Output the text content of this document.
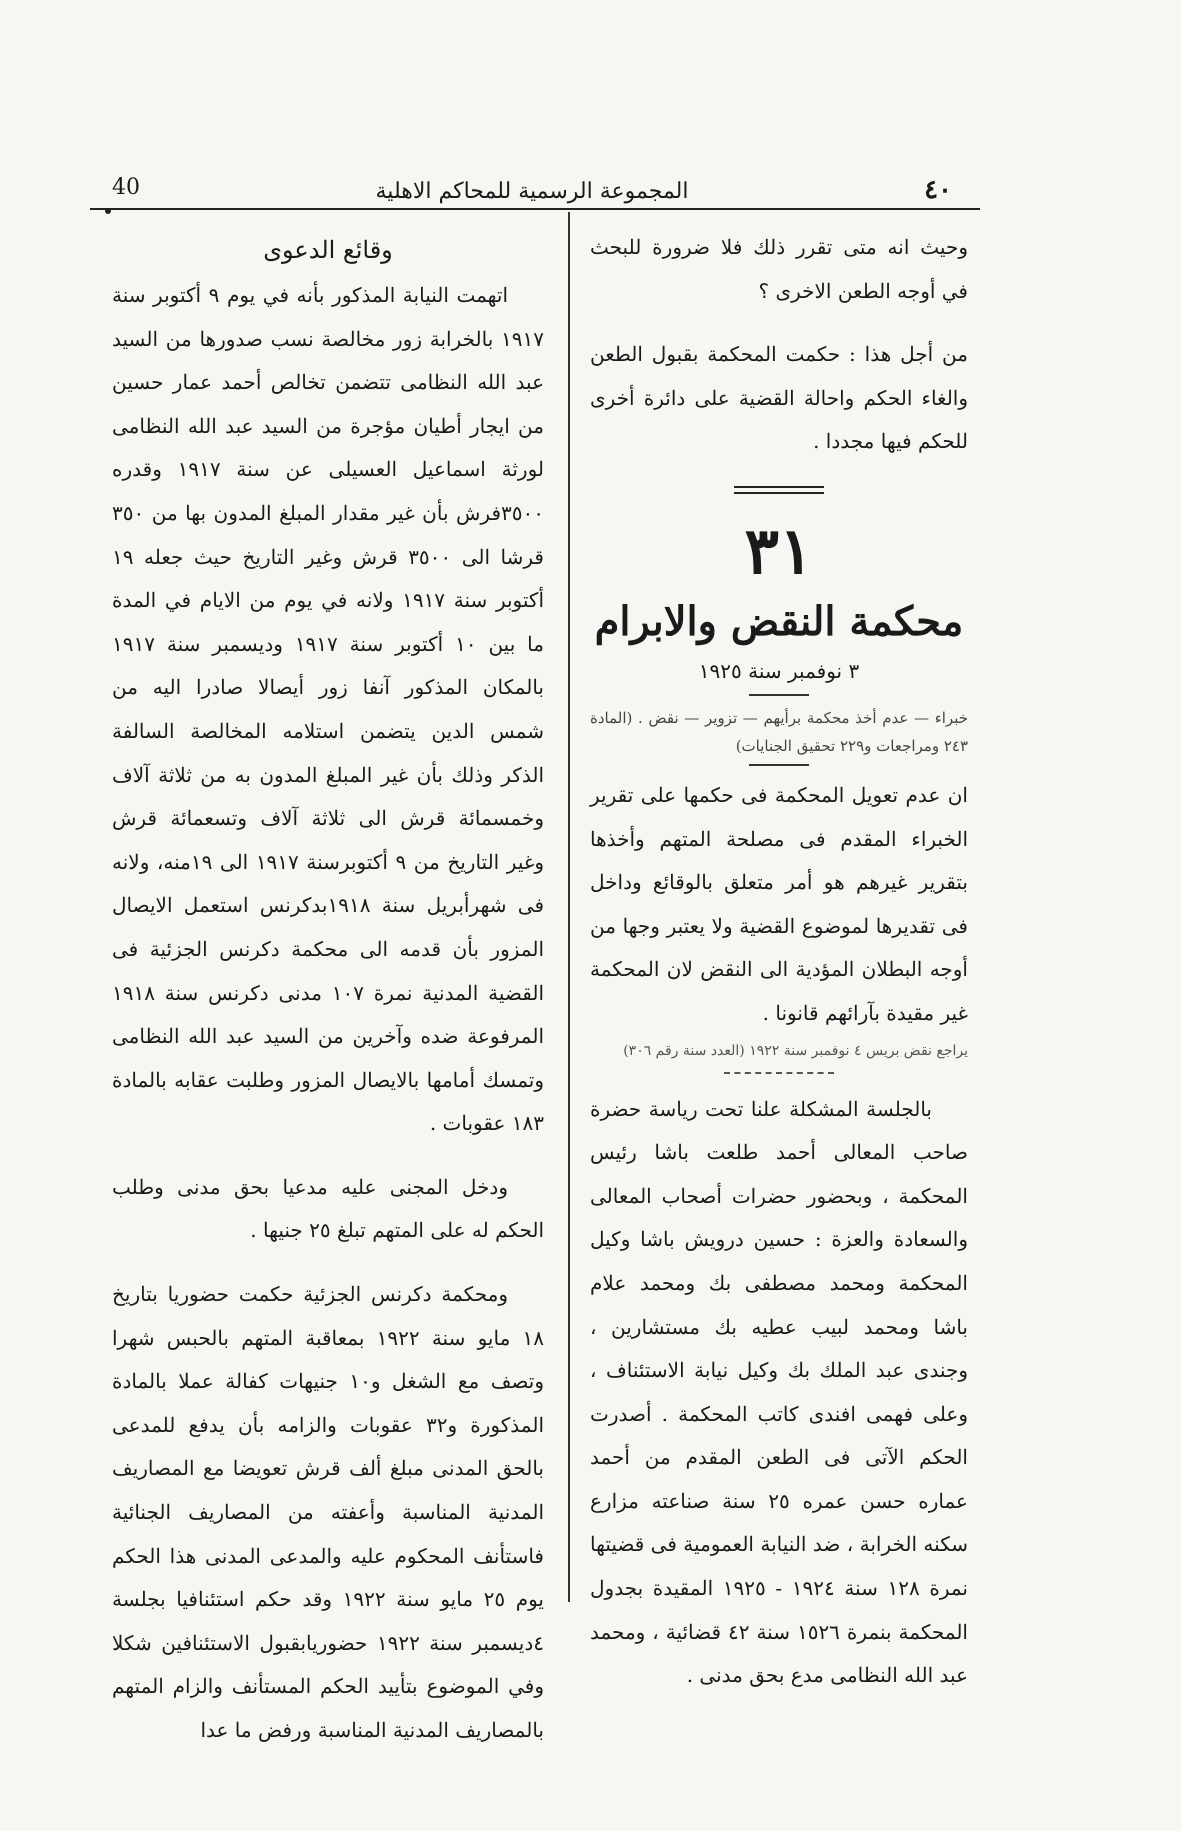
40	المجموعة الرسمية للمحاكم الاهلية	٤٠
وقائع الدعوى

اتهمت النيابة المذكور بأنه في يوم ٩ أكتوبر سنة ١٩١٧ بالخرابة زور مخالصة نسب صدورها من السيد عبد الله النظامى تتضمن تخالص أحمد عمار حسين من ايجار أطيان مؤجرة من السيد عبد الله النظامى لورثة اسماعيل العسيلى عن سنة ١٩١٧ وقدره ٣٥٠٠فرش بأن غير مقدار المبلغ المدون بها من ٣٥٠ قرشا الى ٣٥٠٠ قرش وغير التاريخ حيث جعله ١٩ أكتوبر سنة ١٩١٧ ولانه في يوم من الايام في المدة ما بين ١٠ أكتوبر سنة ١٩١٧ وديسمبر سنة ١٩١٧ بالمكان المذكور آنفا زور أيصالا صادرا اليه من شمس الدين يتضمن استلامه المخالصة السالفة الذكر وذلك بأن غير المبلغ المدون به من ثلاثة آلاف وخمسمائة قرش الى ثلاثة آلاف وتسعمائة قرش وغير التاريخ من ٩ أكتوبرسنة ١٩١٧ الى ١٩منه، ولانه فى شهرأبريل سنة ١٩١٨بدكرنس استعمل الايصال المزور بأن قدمه الى محكمة دكرنس الجزئية فى القضية المدنية نمرة ١٠٧ مدنى دكرنس سنة ١٩١٨ المرفوعة ضده وآخرين من السيد عبد الله النظامى وتمسك أمامها بالايصال المزور وطلبت عقابه بالمادة ١٨٣ عقوبات .

ودخل المجنى عليه مدعيا بحق مدنى وطلب الحكم له على المتهم تبلغ ٢٥ جنيها .

ومحكمة دكرنس الجزئية حكمت حضوريا بتاريخ ١٨ مايو سنة ١٩٢٢ بمعاقبة المتهم بالحبس شهرا وتصف مع الشغل و١٠ جنيهات كفالة عملا بالمادة المذكورة و٣٢ عقوبات والزامه بأن يدفع للمدعى بالحق المدنى مبلغ ألف قرش تعويضا مع المصاريف المدنية المناسبة وأعفته من المصاريف الجنائية فاستأنف المحكوم عليه والمدعى المدنى هذا الحكم يوم ٢٥ مايو سنة ١٩٢٢ وقد حكم استئنافيا بجلسة ٤ديسمبر سنة ١٩٢٢ حضوريابقبول الاستئنافين شكلا وفي الموضوع بتأييد الحكم المستأنف والزام المتهم بالمصاريف المدنية المناسبة ورفض ما عدا

وحيث انه متى تقرر ذلك فلا ضرورة للبحث في أوجه الطعن الاخرى ؟

من أجل هذا : حكمت المحكمة بقبول الطعن والغاء الحكم واحالة القضية على دائرة أخرى للحكم فيها مجددا .

٣١
محكمة النقض والابرام
٣ نوفمبر سنة ١٩٢٥

خبراء — عدم أخذ محكمة برأيهم — تزوير — نقض . (المادة ٢٤٣ ومراجعات و٢٢٩ تحقيق الجنايات)

ان عدم تعويل المحكمة فى حكمها على تقرير الخبراء المقدم فى مصلحة المتهم وأخذها بتقرير غيرهم هو أمر متعلق بالوقائع وداخل فى تقديرها لموضوع القضية ولا يعتبر وجها من أوجه البطلان المؤدية الى النقض لان المحكمة غير مقيدة بآرائهم قانونا .

يراجع نقض بريس ٤ نوفمبر سنة ١٩٢٢ (العدد سنة رقم ٣٠٦)

بالجلسة المشكلة علنا تحت رياسة حضرة صاحب المعالى أحمد طلعت باشا رئيس المحكمة ، وبحضور حضرات أصحاب المعالى والسعادة والعزة : حسين درويش باشا وكيل المحكمة ومحمد مصطفى بك ومحمد علام باشا ومحمد لبيب عطيه بك مستشارين ، وجندى عبد الملك بك وكيل نيابة الاستئناف ، وعلى فهمى افندى كاتب المحكمة . أصدرت الحكم الآتى فى الطعن المقدم من أحمد عماره حسن عمره ٢٥ سنة صناعته مزارع سكنه الخرابة ، ضد النيابة العمومية فى قضيتها نمرة ١٢٨ سنة ١٩٢٤ - ١٩٢٥ المقيدة بجدول المحكمة بنمرة ١٥٢٦ سنة ٤٢ قضائية ، ومحمد عبد الله النظامى مدع بحق مدنى .
